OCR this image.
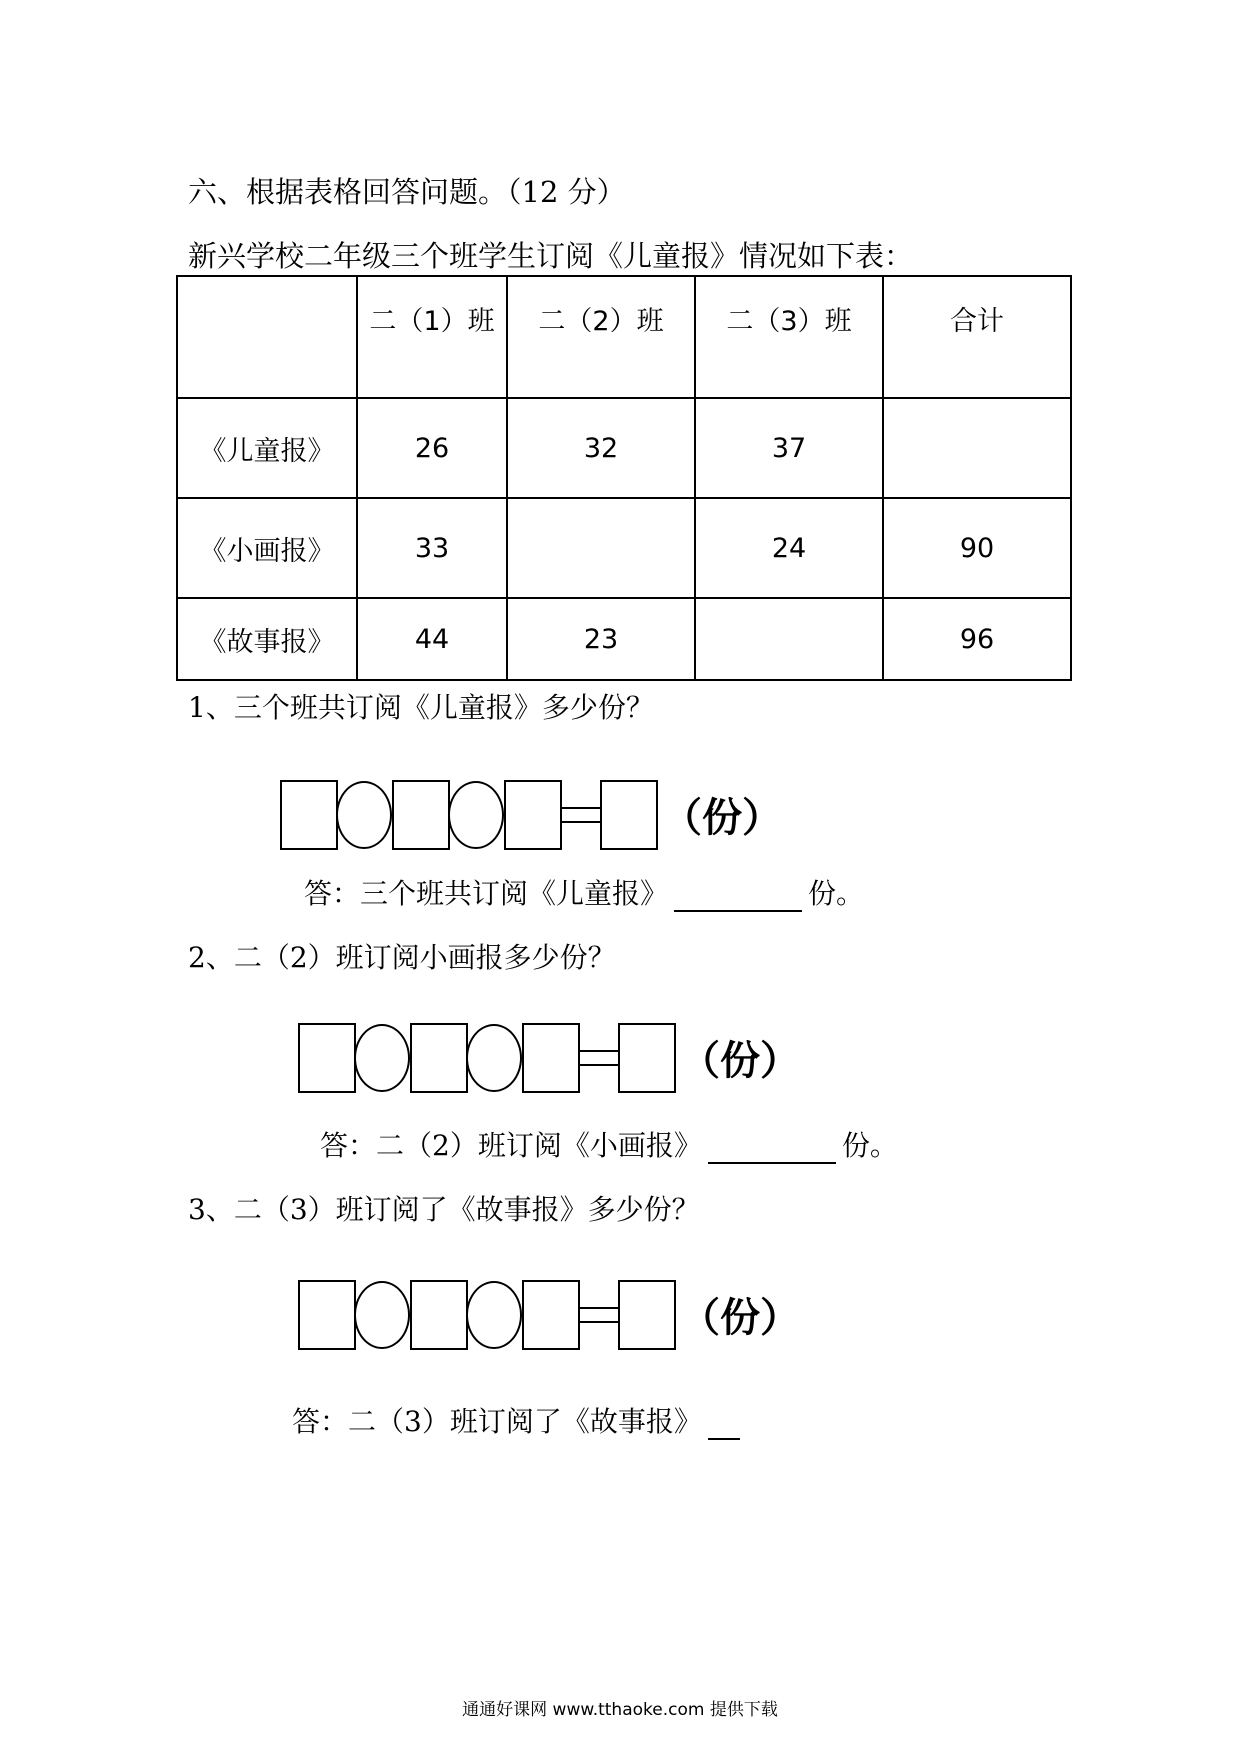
六、根据表格回答问题。（12 分）
新兴学校二年级三个班学生订阅《儿童报》情况如下表：
	二（1）班	二（2）班	二（3）班	合计
《儿童报》	26	32	37	
《小画报》	33		24	90
《故事报》	44	23		96
1、三个班共订阅《儿童报》多少份？
（份）
答：三个班共订阅《儿童报》	份。
2、二（2）班订阅小画报多少份？
（份）
答：二（2）班订阅《小画报》	份。
3、二（3）班订阅了《故事报》多少份？
（份）
答：二（3）班订阅了《故事报》
通通好课网 www.tthaoke.com 提供下载
